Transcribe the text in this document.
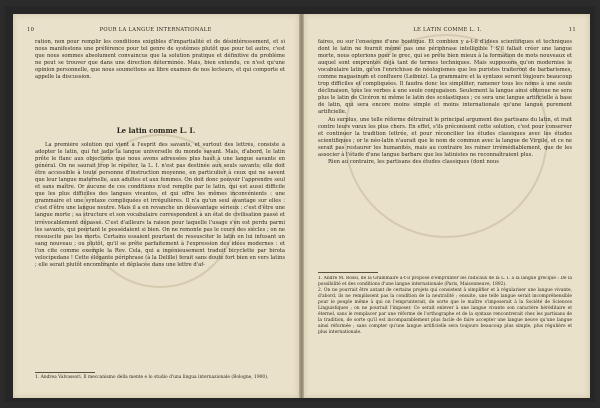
10	POUR LA LANGUE INTERNATIONALE

ration, non pour remplir les conditions exigibles d'impartialité et de désintéressement, et si nous manifestons une préférence pour tel genre de systèmes plutôt que pour tel autre, c'est que nous sommes absolument convaincus que la solution pratique et définitive du problème ne peut se trouver que dans une direction déterminée. Mais, bien entendu, ce n'est qu'une opinion personnelle, que nous soumettons au libre examen de nos lecteurs, et qui comporte et appelle la discussion.

Le latin comme L. I.

La première solution qui vient à l'esprit des savants, et surtout des lettrés, consiste à adopter le latin, qui fut jadis la langue universelle du monde savant. Mais, d'abord, le latin prête le flanc aux objections que nous avons adressées plus haut à une langue savante en général. On ne saurait trop le répéter, la L. I. n'est pas destinée aux seuls savants; elle doit être accessible à toute personne d'instruction moyenne, en particulier à ceux qui ne savent que leur langue maternelle, aux adultes et aux femmes. On doit donc pouvoir l'apprendre seul et sans maître. Or aucune de ces conditions n'est remplie par le latin, qui est aussi difficile que les plus difficiles des langues vivantes, et qui offre les mêmes inconvénients : une grammaire et une syntaxe compliquées et irrégulières. Il n'a qu'un seul avantage sur elles : c'est d'être une langue neutre. Mais il a en revanche un désavantage sérieux : c'est d'être une langue morte ; sa structure et son vocabulaire correspondent à un état de civilisation passé et irrévocablement dépassé. C'est d'ailleurs la raison pour laquelle l'usage s'en est perdu parmi les savants, qui pourtant le possédaient si bien. On ne remonte pas le cours des siècles ; on ne ressuscite pas les morts. Certains essaient pourtant de ressusciter le latin en lui infusant un sang nouveau ; ou plutôt, qu'il se prête parfaitement à l'expression des idées modernes : et l'on cite comme exemple la Rev. Cela, qui a ingénieusement traduit bicyclette par birota velocipedans ! Cette élégante périphrase (à la Delille) ferait sans doute fort bien en vers latins ; elle serait plutôt encombrante et déplacée dans une lettre d'af-

1. Andrea Valvassori, Il meccanismo della mente e lo studio d'una lingua internazionale (Bologne, 1900).

LE LATIN COMME L. I.	11

faires, ou sur l'enseigne d'une boutique. Et combien y a-t-il d'idées scientifiques et techniques dont le latin ne fournit même pas une périphrase intelligible ! S'il fallait créer une langue morte, nous opterions pour le grec, qui se prête bien mieux à la formation de mots nouveaux et auquel sont empruntés déjà tant de termes techniques. Mais supposons qu'on modernise le vocabulaire latin, qu'on l'enrichisse de néologismes que les puristes traiteront de barbarismes, comme magasinum et confluere (Leibniz). La grammaire et la syntaxe seront toujours beaucoup trop difficiles et compliquées. Il faudra donc les simplifier, ramener tous les noms à une seule déclinaison, tous les verbes à une seule conjugaison. Seulement la langue ainsi obtenue ne sera plus le latin de Cicéron ni même le latin des scolastiques ; ce sera une langue artificielle à base de latin, qui sera encore moins simple et moins internationale qu'une langue purement artificielle.

Au surplus, une telle réforme détruirait le principal argument des partisans du latin, et irait contre leurs vœux les plus chers. En effet, s'ils préconisent cette solution, c'est pour conserver et continuer la tradition lettrée, et pour réconcilier les études classiques avec les études scientifiques ; or le néo-latin n'aurait que le nom de commun avec la langue de Virgile, et ce ne serait pas restaurer les humanités, mais au contraire les ruiner irrémédiablement, que de les associer à l'étude d'une langue barbare que les latinistes ne reconnaîtraient plus.

Rien au contraire, les partisans des études classiques (dont nous

1. André M. Rossi, de la Grammaire a-t-il proposé d'emprunter les radicaux de la L. I. à la langue grecque : De la possibilité et des conditions d'une langue internationale (Paris, Maisonneuve, 1892).

2. On ne pourrait être autant de certains projets qui consistent à simplifier et à régulariser une langue vivante, d'abord, ils ne remplissent pas la condition de la neutralité ; ensuite, une telle langue serait incompréhensible pour le peuple même à qui on l'emprunterait, de sorte que le maître s'imposerait à la Société de Sciences Linguistiques ; on ne pourrait l'imposer. Ce serait enlever à une langue vivante son caractère héréditaire et éternel, sans le remplacer par une réforme de l'orthographe et de la syntaxe rencontrerait chez les partisans de la tradition, de sorte qu'il est incomparablement plus facile de faire accepter une langue neuve qu'une langue ainsi réformée ; sans compter qu'une langue artificielle sera toujours beaucoup plus simple, plus régulière et plus internationale.
